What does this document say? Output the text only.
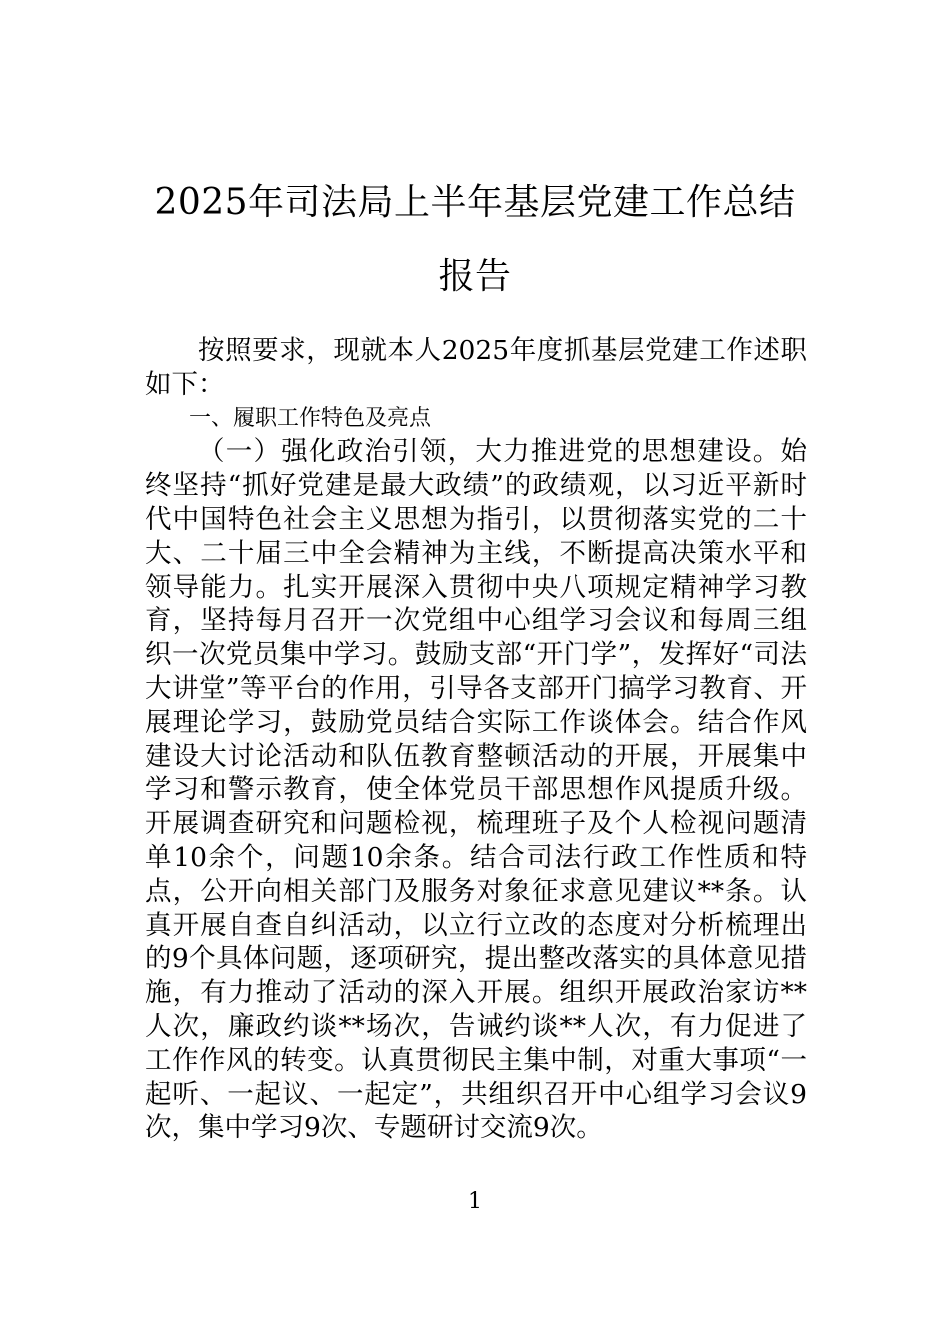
2025年司法局上半年基层党建工作总结报告

按照要求，现就本人2025年度抓基层党建工作述职如下：

一、履职工作特色及亮点

（一）强化政治引领，大力推进党的思想建设。始终坚持“抓好党建是最大政绩”的政绩观，以习近平新时代中国特色社会主义思想为指引，以贯彻落实党的二十大、二十届三中全会精神为主线，不断提高决策水平和领导能力。扎实开展深入贯彻中央八项规定精神学习教育，坚持每月召开一次党组中心组学习会议和每周三组织一次党员集中学习。鼓励支部“开门学”，发挥好“司法大讲堂”等平台的作用，引导各支部开门搞学习教育、开展理论学习，鼓励党员结合实际工作谈体会。结合作风建设大讨论活动和队伍教育整顿活动的开展，开展集中学习和警示教育，使全体党员干部思想作风提质升级。开展调查研究和问题检视，梳理班子及个人检视问题清单10余个，问题10余条。结合司法行政工作性质和特点，公开向相关部门及服务对象征求意见建议**条。认真开展自查自纠活动，以立行立改的态度对分析梳理出的9个具体问题，逐项研究，提出整改落实的具体意见措施，有力推动了活动的深入开展。组织开展政治家访**人次，廉政约谈**场次，告诫约谈**人次，有力促进了工作作风的转变。认真贯彻民主集中制，对重大事项“一起听、一起议、一起定”，共组织召开中心组学习会议9次，集中学习9次、专题研讨交流9次。

1
